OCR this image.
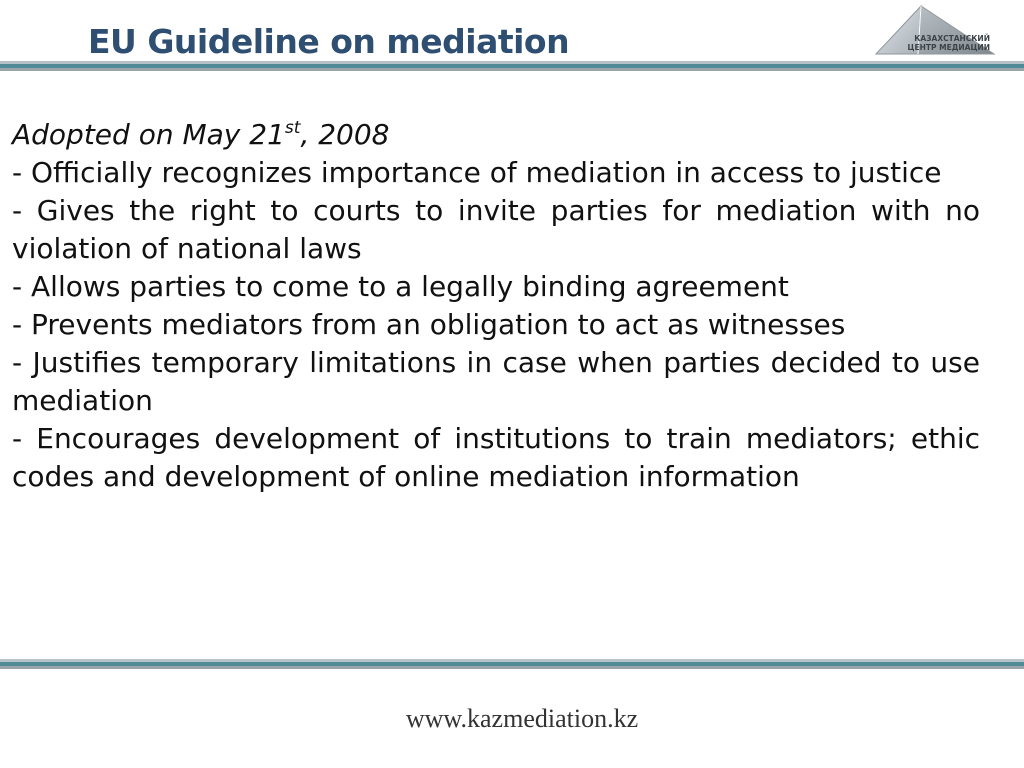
EU Guideline on mediation	КАЗАХСТАНСКИЙ
ЦЕНТР МЕДИАЦИИ

Adopted on May 21st, 2008

- Officially recognizes importance of mediation in access to justice

- Gives the right to courts to invite parties for mediation with no violation of national laws

- Allows parties to come to a legally binding agreement

- Prevents mediators from an obligation to act as witnesses

- Justifies temporary limitations in case when parties decided to use mediation

- Encourages development of institutions to train mediators; ethic codes and development of online mediation information

www.kazmediation.kz
